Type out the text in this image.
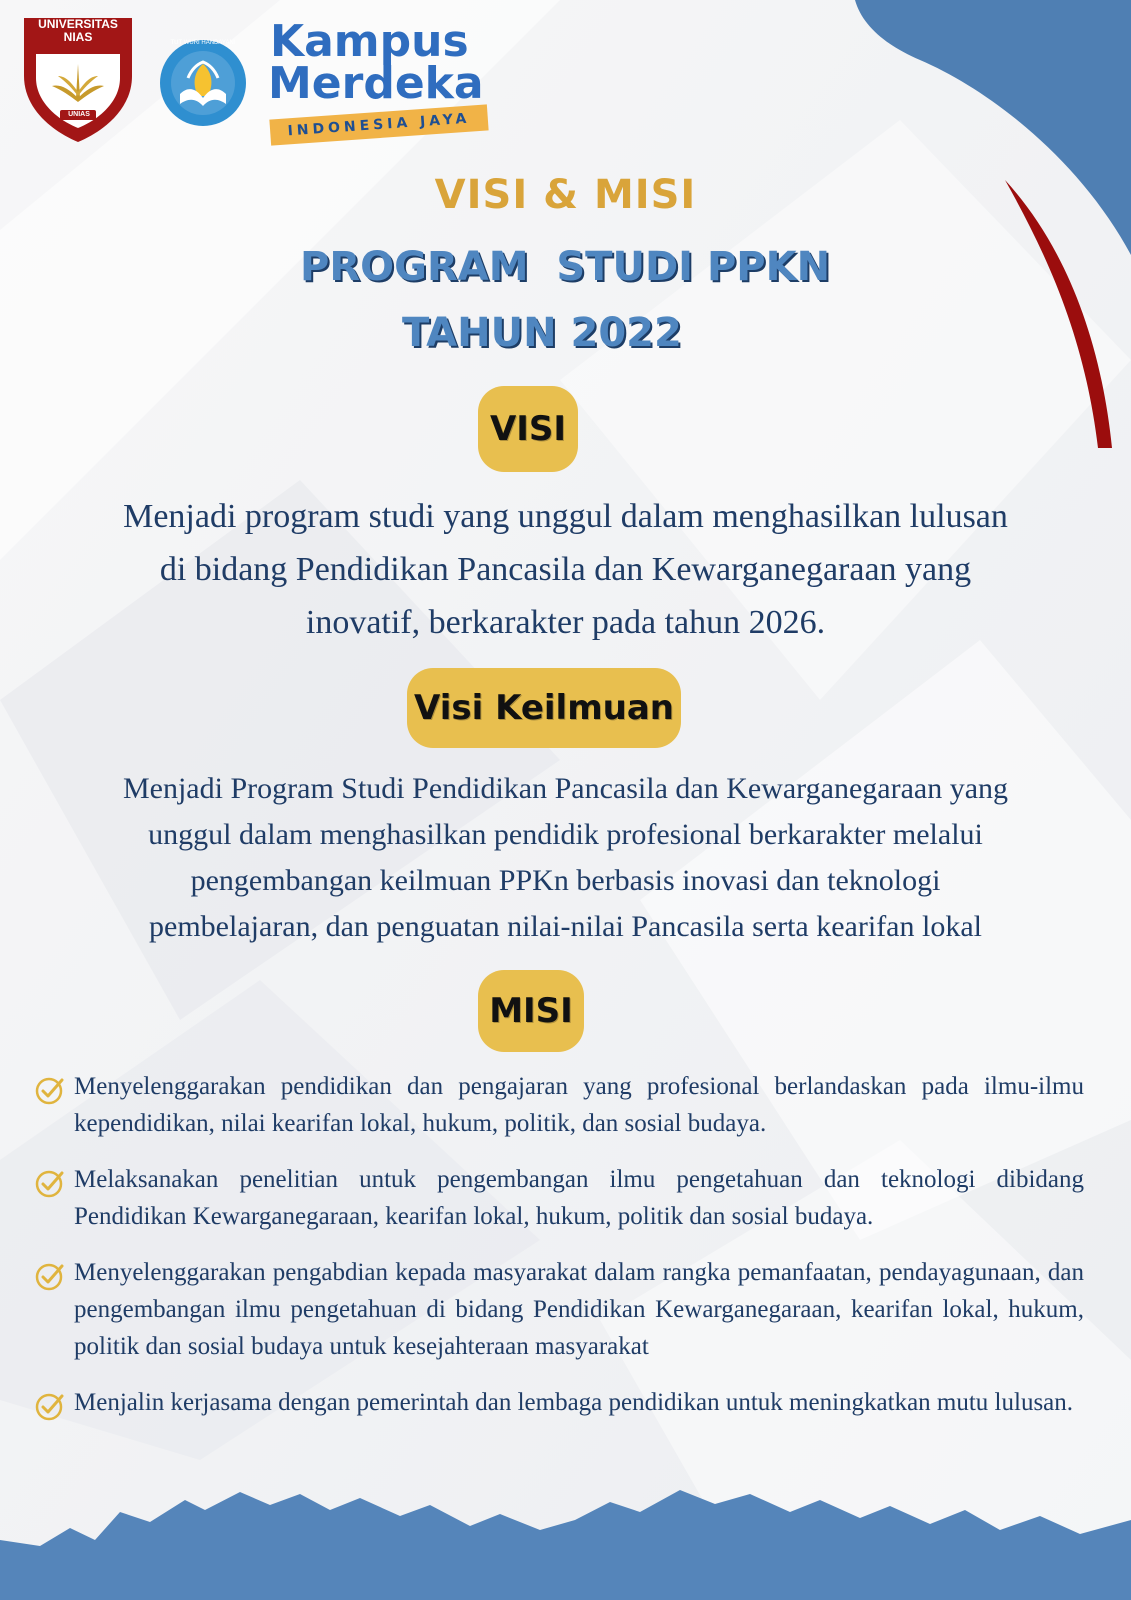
UNIVERSITAS
NIAS
UNIAS
TUT WURI HANDAYANI Kampus
Merdeka
INDONESIA JAYA
VISI & MISI
PROGRAM  STUDI PPKN
TAHUN 2022
VISI
Menjadi program studi yang unggul dalam menghasilkan lulusan
di bidang Pendidikan Pancasila dan Kewarganegaraan yang
inovatif, berkarakter pada tahun 2026.
Visi Keilmuan
Menjadi Program Studi Pendidikan Pancasila dan Kewarganegaraan yang
unggul dalam menghasilkan pendidik profesional berkarakter melalui
pengembangan keilmuan PPKn berbasis inovasi dan teknologi
pembelajaran, dan penguatan nilai-nilai Pancasila serta kearifan lokal
MISI

Menyelenggarakan pendidikan dan pengajaran yang profesional berlandaskan pada ilmu-ilmu kependidikan, nilai kearifan lokal, hukum, politik, dan sosial budaya.

Melaksanakan penelitian untuk pengembangan ilmu pengetahuan dan teknologi dibidang Pendidikan Kewarganegaraan, kearifan lokal, hukum, politik dan sosial budaya.

Menyelenggarakan pengabdian kepada masyarakat dalam rangka pemanfaatan, pendayagunaan, dan pengembangan ilmu pengetahuan di bidang Pendidikan Kewarganegaraan, kearifan lokal, hukum, politik dan sosial budaya untuk kesejahteraan masyarakat

Menjalin kerjasama dengan pemerintah dan lembaga pendidikan untuk meningkatkan mutu lulusan.
